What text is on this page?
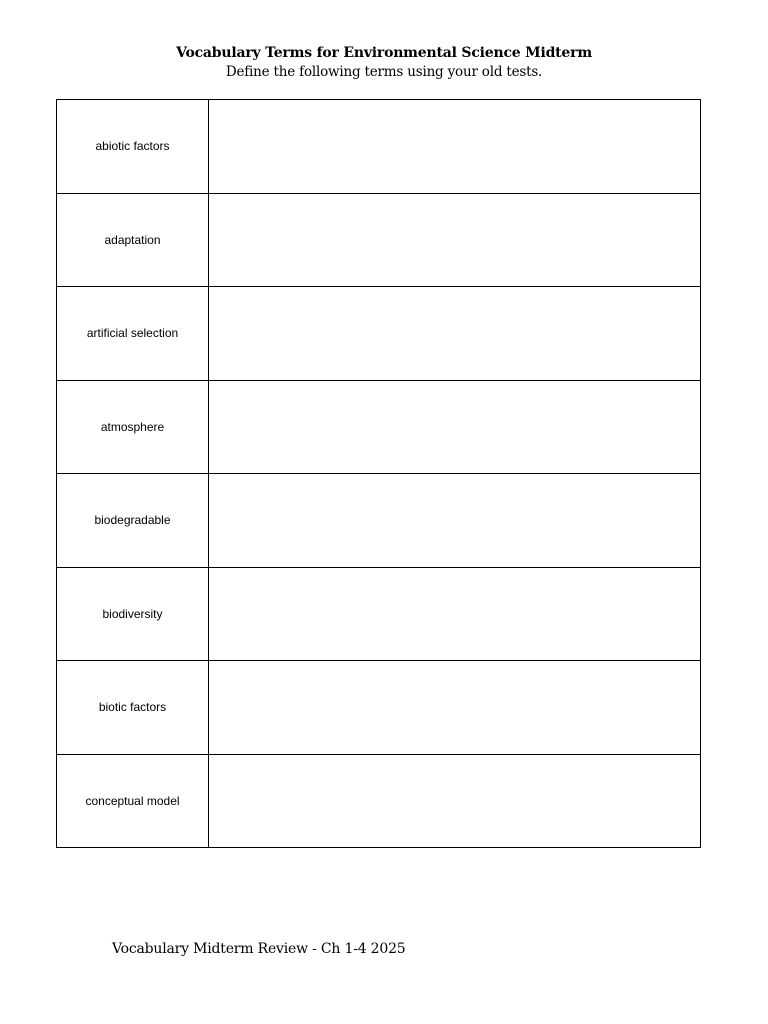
Vocabulary Terms for Environmental Science Midterm
Define the following terms using your old tests.
abiotic factors	
adaptation	
artificial selection	
atmosphere	
biodegradable	
biodiversity	
biotic factors	
conceptual model	
Vocabulary Midterm Review - Ch 1-4 2025
